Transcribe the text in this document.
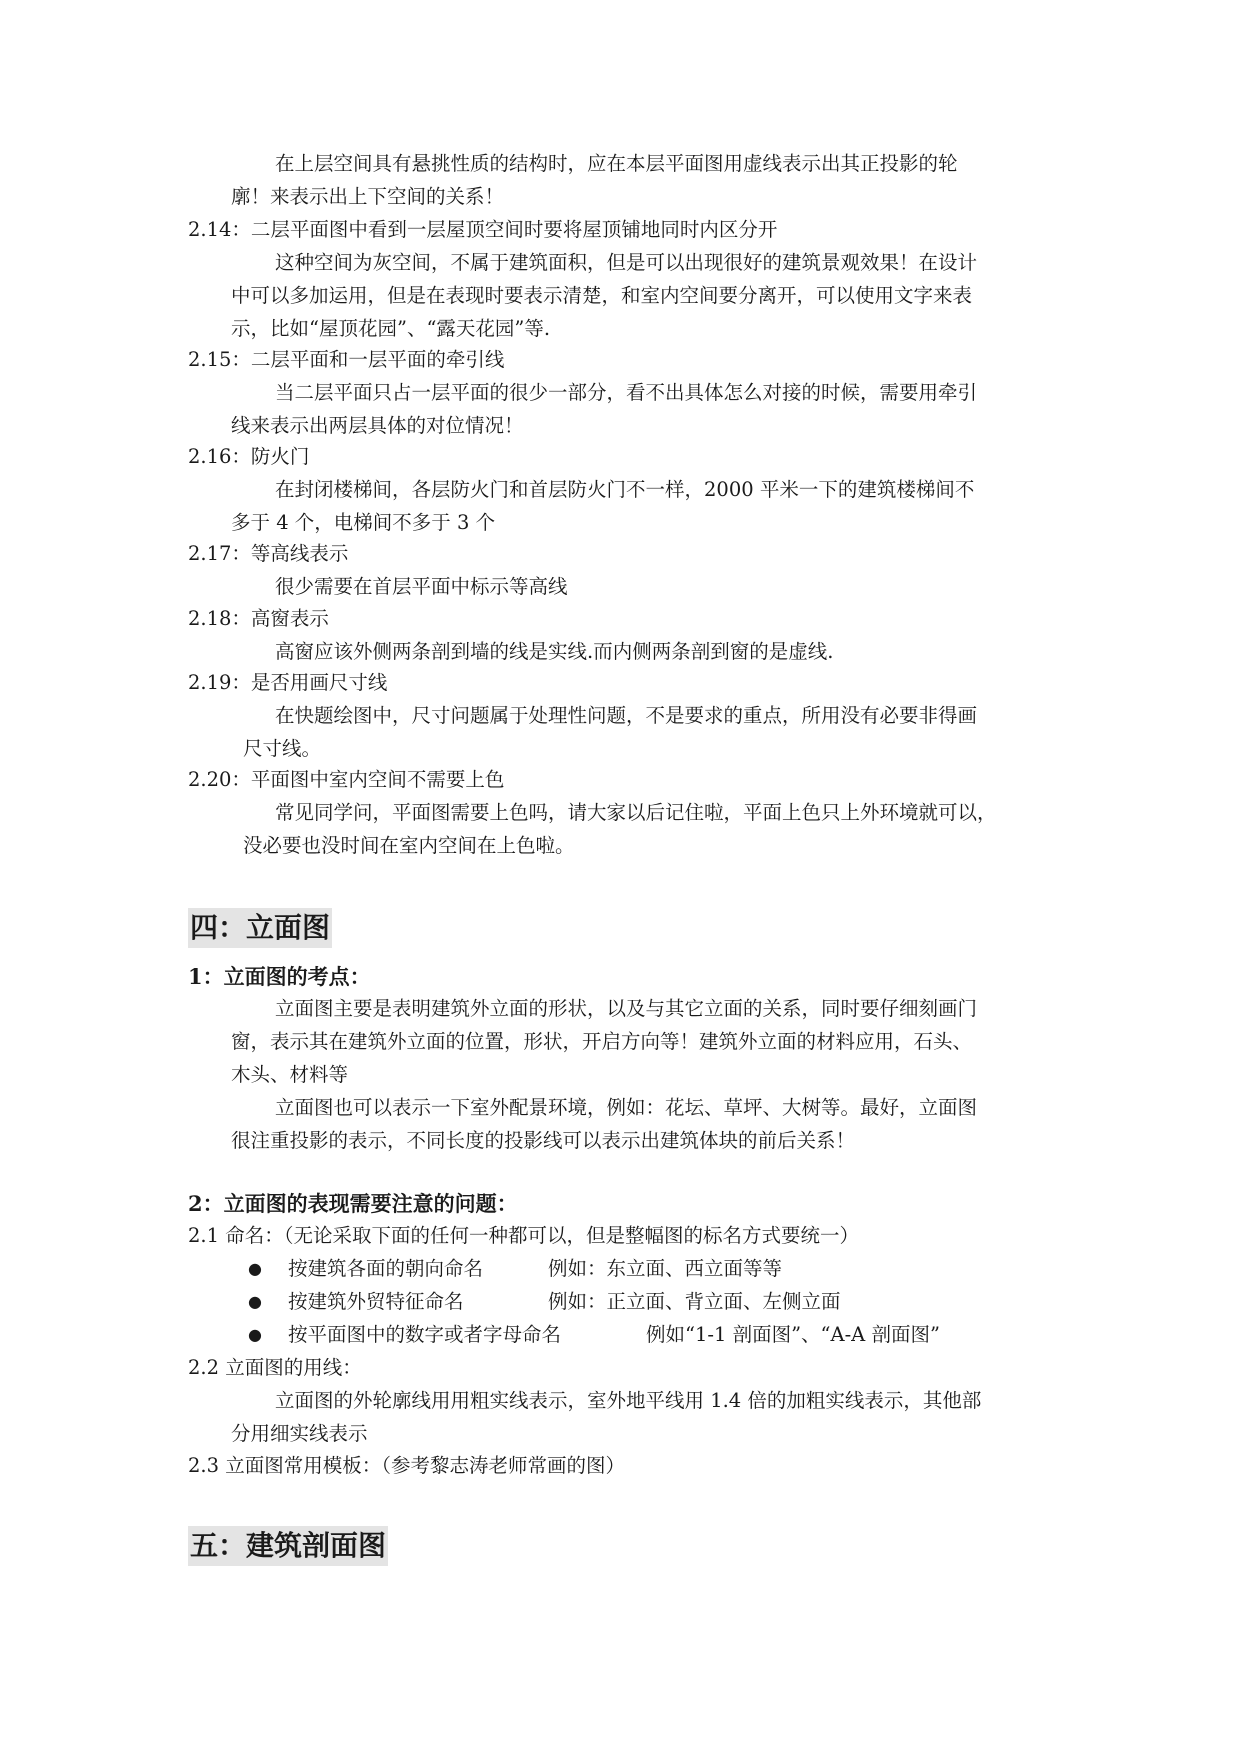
在上层空间具有悬挑性质的结构时，应在本层平面图用虚线表示出其正投影的轮
廓！来表示出上下空间的关系！
2.14：二层平面图中看到一层屋顶空间时要将屋顶铺地同时内区分开
这种空间为灰空间，不属于建筑面积，但是可以出现很好的建筑景观效果！在设计
中可以多加运用，但是在表现时要表示清楚，和室内空间要分离开，可以使用文字来表
示，比如“屋顶花园”、“露天花园”等.
2.15：二层平面和一层平面的牵引线
当二层平面只占一层平面的很少一部分，看不出具体怎么对接的时候，需要用牵引
线来表示出两层具体的对位情况！
2.16：防火门
在封闭楼梯间，各层防火门和首层防火门不一样，2000 平米一下的建筑楼梯间不
多于 4 个，电梯间不多于 3 个
2.17：等高线表示
很少需要在首层平面中标示等高线
2.18：高窗表示
高窗应该外侧两条剖到墙的线是实线.而内侧两条剖到窗的是虚线.
2.19：是否用画尺寸线
在快题绘图中，尺寸问题属于处理性问题，不是要求的重点，所用没有必要非得画
尺寸线。
2.20：平面图中室内空间不需要上色
常见同学问，平面图需要上色吗，请大家以后记住啦，平面上色只上外环境就可以，
没必要也没时间在室内空间在上色啦。
四：立面图
1：立面图的考点：
立面图主要是表明建筑外立面的形状，以及与其它立面的关系，同时要仔细刻画门
窗，表示其在建筑外立面的位置，形状，开启方向等！建筑外立面的材料应用，石头、
木头、材料等
立面图也可以表示一下室外配景环境，例如：花坛、草坪、大树等。最好，立面图
很注重投影的表示，不同长度的投影线可以表示出建筑体块的前后关系！
2：立面图的表现需要注意的问题：
2.1 命名：（无论采取下面的任何一种都可以，但是整幅图的标名方式要统一）
● 按建筑各面的朝向命名	例如：东立面、西立面等等
● 按建筑外贸特征命名	例如：正立面、背立面、左侧立面
● 按平面图中的数字或者字母命名	例如“1-1 剖面图”、“A-A 剖面图”
2.2 立面图的用线：
立面图的外轮廓线用用粗实线表示，室外地平线用 1.4 倍的加粗实线表示，其他部
分用细实线表示
2.3 立面图常用模板：（参考黎志涛老师常画的图）
五：建筑剖面图
